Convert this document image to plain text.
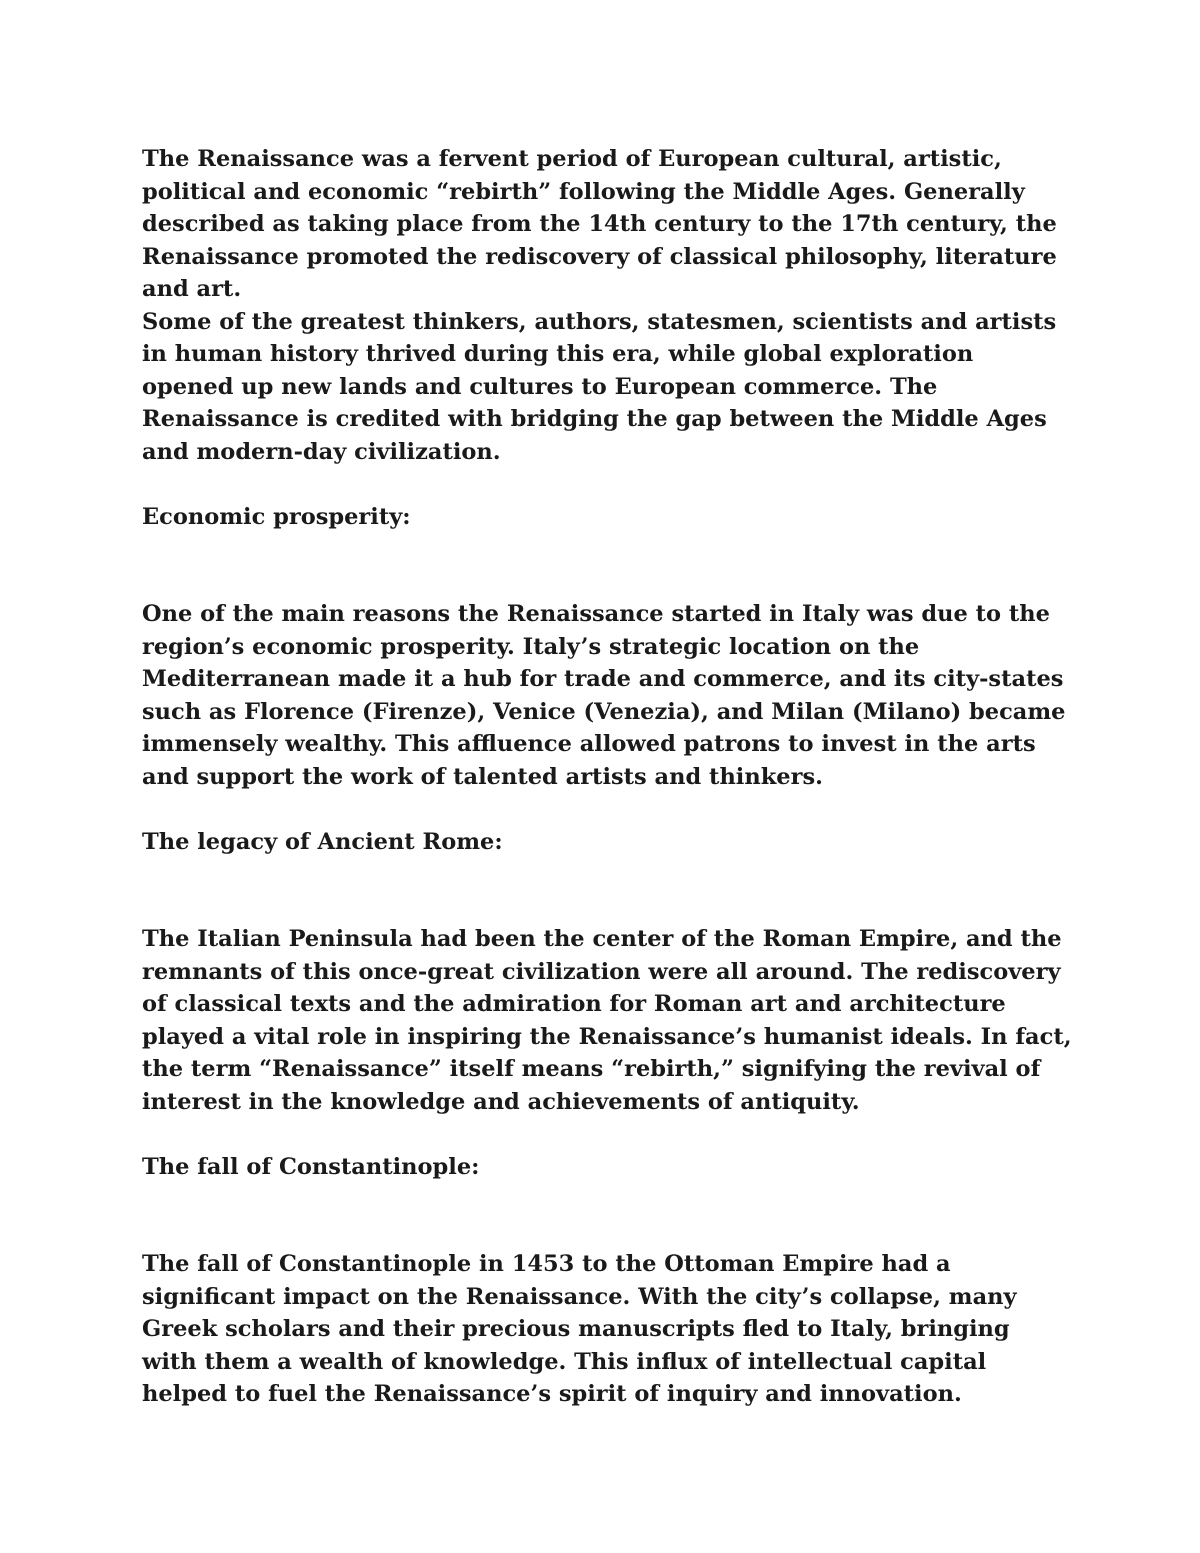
The Renaissance was a fervent period of European cultural, artistic,
political and economic “rebirth” following the Middle Ages. Generally
described as taking place from the 14th century to the 17th century, the
Renaissance promoted the rediscovery of classical philosophy, literature
and art.
Some of the greatest thinkers, authors, statesmen, scientists and artists
in human history thrived during this era, while global exploration
opened up new lands and cultures to European commerce. The
Renaissance is credited with bridging the gap between the Middle Ages
and modern-day civilization.
Economic prosperity:
One of the main reasons the Renaissance started in Italy was due to the
region’s economic prosperity. Italy’s strategic location on the
Mediterranean made it a hub for trade and commerce, and its city-states
such as Florence (Firenze), Venice (Venezia), and Milan (Milano) became
immensely wealthy. This affluence allowed patrons to invest in the arts
and support the work of talented artists and thinkers.
The legacy of Ancient Rome:
The Italian Peninsula had been the center of the Roman Empire, and the
remnants of this once-great civilization were all around. The rediscovery
of classical texts and the admiration for Roman art and architecture
played a vital role in inspiring the Renaissance’s humanist ideals. In fact,
the term “Renaissance” itself means “rebirth,” signifying the revival of
interest in the knowledge and achievements of antiquity.
The fall of Constantinople:
The fall of Constantinople in 1453 to the Ottoman Empire had a
significant impact on the Renaissance. With the city’s collapse, many
Greek scholars and their precious manuscripts fled to Italy, bringing
with them a wealth of knowledge. This influx of intellectual capital
helped to fuel the Renaissance’s spirit of inquiry and innovation.
